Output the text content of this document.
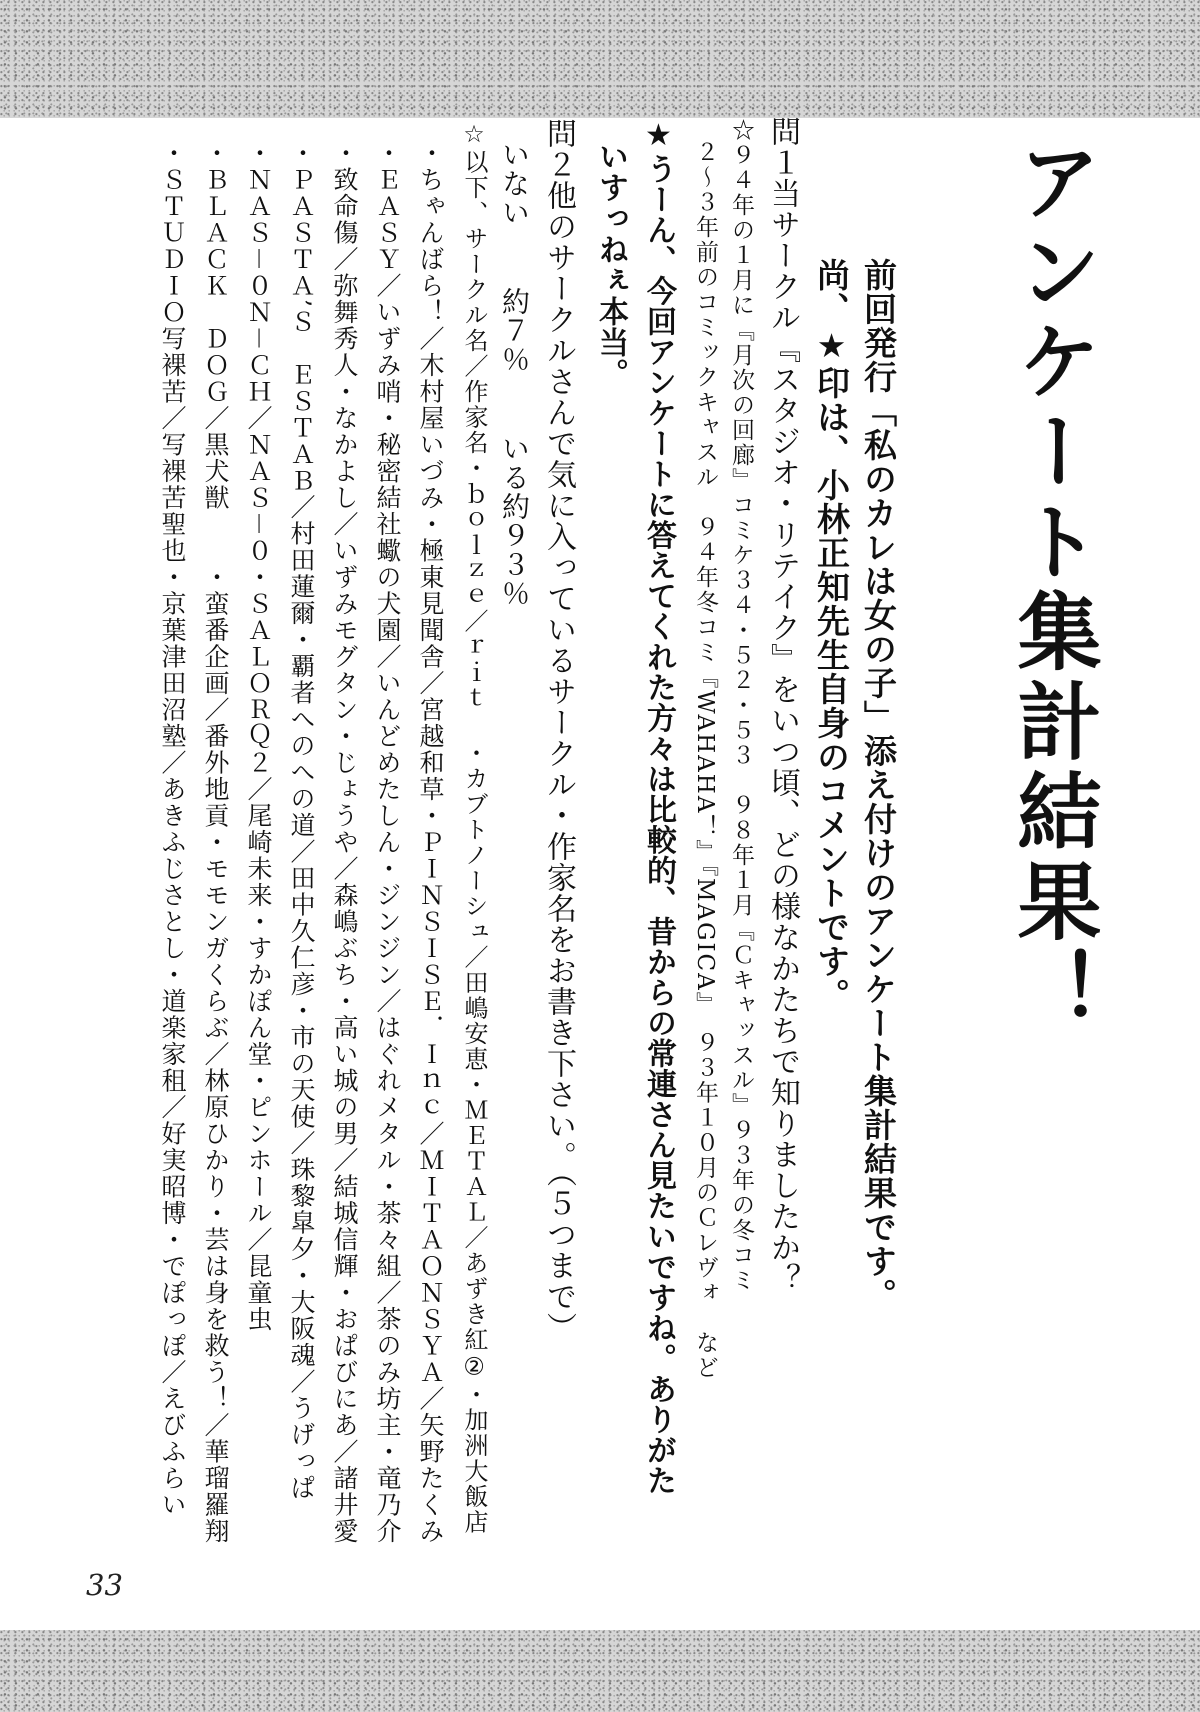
アンケート集計結果！

前回発行「私のカレは女の子」添え付けのアンケート集計結果です。

尚、★印は、小林正知先生自身のコメントです。

問１当サークル『スタジオ・リテイク』をいつ頃、どの様なかたちで知りましたか？

☆９４年の１月に『月次の回廊』コミケ３４・５２・５３　９８年１月『Ｃキャッスル』９３年の冬コミ

２〜３年前のコミックキャスル　９４年冬コミ『WAHAHA！』『MAGICA』　９３年１０月のＣレヴォ　など

★うーん、今回アンケートに答えてくれた方々は比較的、昔からの常連さん見たいですね。ありがた

いすっねぇ本当。

問２他のサークルさんで気に入っているサークル・作家名をお書き下さい。（５つまで）

いない約７％いる約９３％

☆以下、サークル名／作家名・ｂｏｌｚｅ／ｒｉｔ・カブトノーシュ／田嶋安恵・ＭＥＴＡＬ／あずき紅②・加洲大飯店

・ちゃんばら！／木村屋いづみ・極東見聞舎／宮越和草・ＰＩＮＳＩＳＥ．Ｉｎｃ／ＭＩＴＡＯＮＳＹＡ／矢野たくみ

・ＥＡＳＹ／いずみ哨・秘密結社蠍の犬園／いんどめたしん・ジンジン／はぐれメタル・茶々組／茶のみ坊主・竜乃介

・致命傷／弥舞秀人・なかよし／いずみモグタン・じょうや／森嶋ぶち・高い城の男／結城信輝・おぱびにあ／諸井愛

・ＰＡＳＴＡ’Ｓ　ＥＳＴＡＢ／村田蓮爾・覇者へのへの道／田中久仁彦・市の天使／珠黎皐夕・大阪魂／うげっぱ

・ＮＡＳ－０Ｎ－ＣＨ／ＮＡＳ－０・ＳＡＬＯＲＱ２／尾崎未来・すかぽん堂・ピンホール／昆童虫

・ＢＬＡＣＫ　ＤＯＧ／黒犬獣　　・蛮番企画／番外地貢・モモンガくらぶ／林原ひかり・芸は身を救う！／華瑠羅翔

・ＳＴＵＤＩＯ写裸苦／写裸苦聖也・京葉津田沼塾／あきふじさとし・道楽家租／好実昭博・でぽっぽ／えびふらい

33
